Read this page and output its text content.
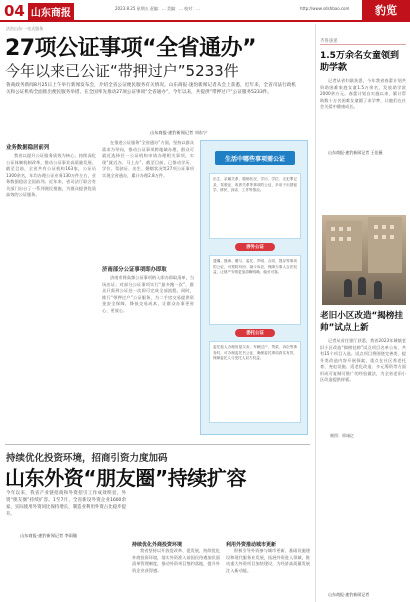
04 山东商报	2023.8.25 星期五 责编：... 美编：... 校对：...	http://www.sdshbao.com	豹览
法治山东·一站式服务
27项公证事项“全省通办”
今年以来已公证“带押过户”5233件
鲁商政务新闻8月25日上午举行新闻发布会，介绍全省公证便民服务有关情况。山东商报·速豹新闻记者从会上获悉，近年来，全省司法行政机关和公证机构全面推出便民服务举措，在全国率先推动27项公证事项“全省通办”，今年以来，共提供“带押过户”公证服务5233件。
山东商报·速豹新闻记者 刘东宁
业务数据稳居前列

我省以提升公证服务质效为核心，持续深化公证体制机制改革，推动公证事业高质量发展。截至目前，全省共有公证机构163家，公证员1300余名，年均办理公证业务130万件左右，业务数据稳居全国前列。近年来，省司法厅联合有关部门出台了一系列便民措施，为群众提供优质高效的公证服务。

在推进公证服务“全省通办”方面，坚持以群众需求为导向，推动公证事项跨地域办理，群众可就近选择任一公证机构申请办理相关事项，实现“就近办、马上办”。截至目前，已推动学历、学位、驾驶证、出生、婚姻状况等27项公证事项实现全省通办，累计办理2.8万件。

济南部分公证事项即办即取

济南市将高频公证事项纳入即办即取清单，当场出证；对部分公证事项实行“最多跑一次”，群众只需到公证处一次即可完成全部流程。同时，推行“带押过户”公证服务，为二手房交易提供资金安全保障，降低交易成本，让群众办事更省心、更放心。

生活中哪些事项需公证
出生、亲属关系、婚姻状况、学历、学位、无犯罪记录、驾驶证、收养关系等事项的公证，多用于出国留学、移民、探亲、工作等情况。
涉外公证
遗嘱、继承、赠与、委托、声明、合同、提存等事项的公证，可预防纠纷、减少诉讼，保障当事人合法权益，让财产安排更加清晰明确、稳妥可靠。
委托公证
委托他人办理房屋买卖、车辆过户、贷款、诉讼等事务时，可办理委托书公证，确保委托事项真实有效，保障委托人与受托人双方权益。
制图：邢诚亿
齐鲁速递
1.5万余名女童领到助学款

记者从省妇联获悉，今年我省春蕾计划共资助困难家庭女童1.5万余名，发放助学款2000余万元。春蕾计划自实施以来，累计帮助数十万名困难女童圆了求学梦，让她们在社会关爱中健康成长。

山东商报·速豹新闻记者 王佳薇
老旧小区改造“揭榜挂帅”试点上新

记者从省住建厅获悉，我省2023年城镇老旧小区改造“揭榜挂帅”试点项目名单公布，共有15个项目入选。试点项目将围绕完善类、提升类改造内容开展探索，重点在社区养老托育、充电设施、适老化改造、多元筹资等方面形成可复制可推广的经验做法，为全省老旧小区改造提供样板。

山东商报·速豹新闻记者
持续优化投资环境，招商引资力度加码
山东外资“朋友圈”持续扩容
今年以来，我省产业链招商和外资招引工作成效明显，外资“朋友圈”持续扩容。1至7月，全省新设外资企业1600余家，实际使用外资同比保持增长，制造业利用外资占比稳步提升。
山东商报·速豹新闻记者 李雨璇
持续优化外商投资环境

我省坚持以开放促改革、促发展，持续优化外商投资环境，落实外资准入前国民待遇加负面清单管理制度，推动外资项目签约落地，提升外资企业获得感。

利用外资推动城市更新

积极引导外资参与城市更新、基础设施建设和现代服务业发展，拓展外资进入领域，推动重大外资项目加快建设，为经济高质量发展注入新动能。
